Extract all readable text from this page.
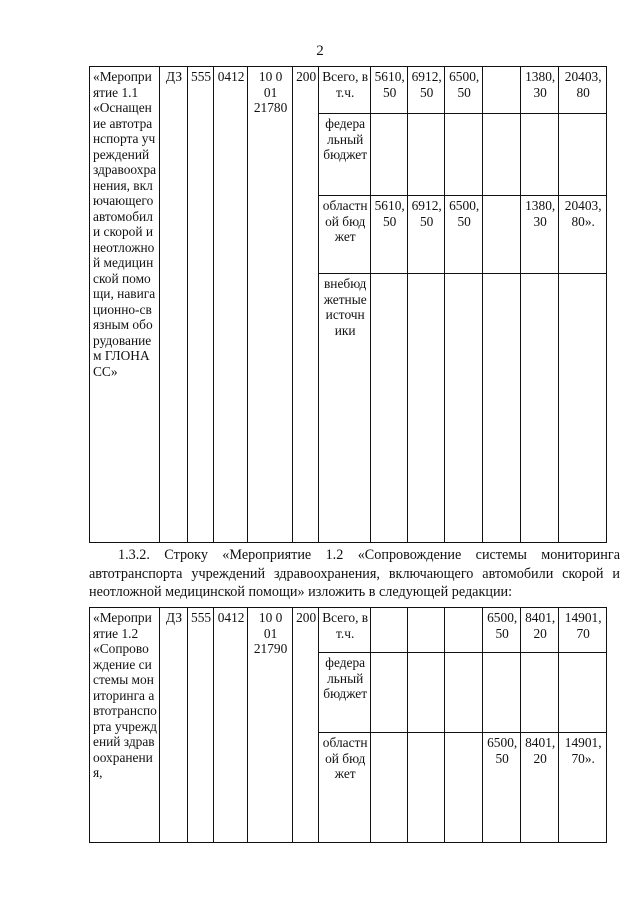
2
«Мероприятие 1.1 «Оснащение автотранспорта учреждений здравоохранения, включающего автомобили скорой и неотложной медицинской помощи, навигационно-связным оборудованием ГЛОНАСС»	ДЗ	555	0412	10 0 01 21780	200	Всего, в т.ч.	5610,50	6912,50	6500,50		1380,30	20403,80
						федеральный бюджет						
						областной бюджет	5610,50	6912,50	6500,50		1380,30	20403,80».
						внебюджетные источники						
1.3.2. Строку «Мероприятие 1.2 «Сопровождение системы мониторинга автотранспорта учреждений здравоохранения, включающего автомобили скорой и неотложной медицинской помощи» изложить в следующей редакции:
«Мероприятие 1.2 «Сопровождение системы мониторинга автотранспорта учреждений здравоохранения,	ДЗ	555	0412	10 0 01 21790	200	Всего, в т.ч.				6500,50	8401,20	14901,70
						федеральный бюджет						
						областной бюджет				6500,50	8401,20	14901,70».
